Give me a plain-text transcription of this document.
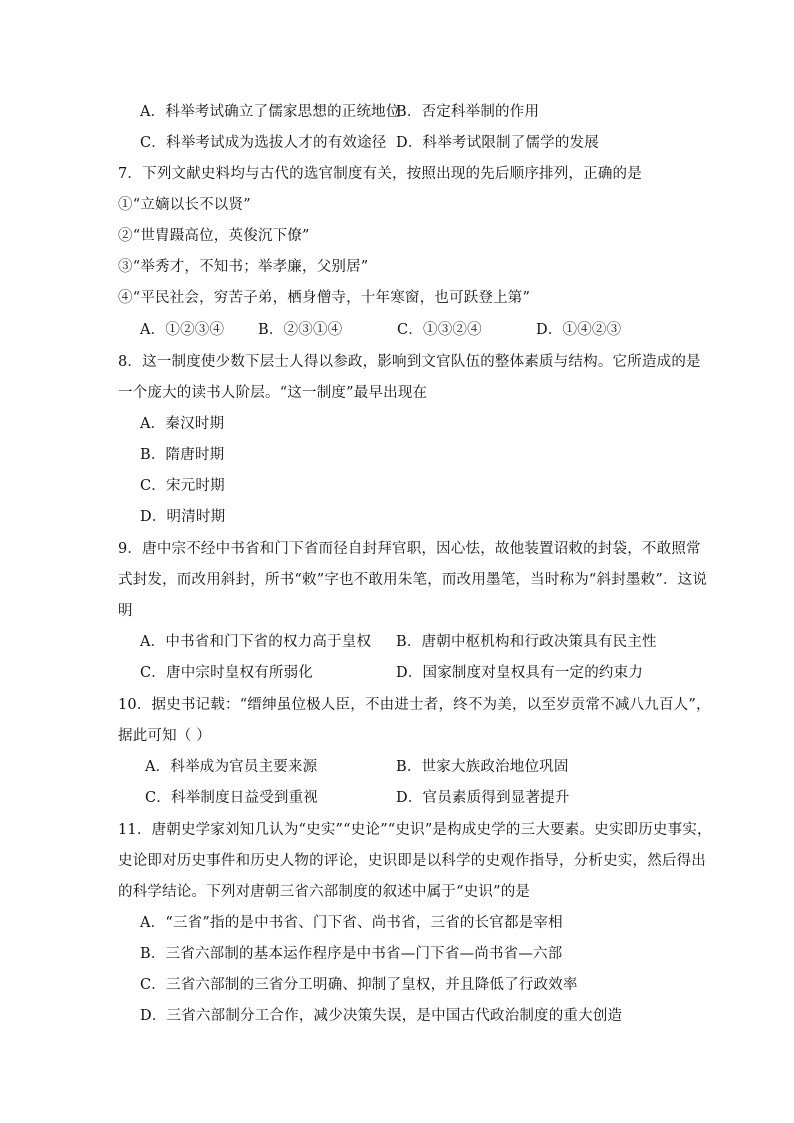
A．科举考试确立了儒家思想的正统地位
B．否定科举制的作用
C．科举考试成为选拔人才的有效途径 D．科举考试限制了儒学的发展
7．下列文献史料均与古代的选官制度有关，按照出现的先后顺序排列，正确的是
①“立嫡以长不以贤”
②“世胄蹑高位，英俊沉下僚”
③“举秀才，不知书；举孝廉，父别居”
④“平民社会，穷苦子弟，栖身僧寺，十年寒窗，也可跃登上第”
A．①②③④ B．②③①④	C．①③②④	D．①④②③
8．这一制度使少数下层士人得以参政，影响到文官队伍的整体素质与结构。它所造成的是
一个庞大的读书人阶层。“这一制度”最早出现在
A．秦汉时期
B．隋唐时期
C．宋元时期
D．明清时期
9．唐中宗不经中书省和门下省而径自封拜官职，因心怯，故他装置诏敕的封袋，不敢照常
式封发，而改用斜封，所书“敕”字也不敢用朱笔，而改用墨笔，当时称为“斜封墨敕”．这说
明
A．中书省和门下省的权力高于皇权 B．唐朝中枢机构和行政决策具有民主性
C．唐中宗时皇权有所弱化	D．国家制度对皇权具有一定的约束力
10．据史书记载：“缙绅虽位极人臣，不由进士者，终不为美，以至岁贡常不减八九百人”，
据此可知（ ）
A．科举成为官员主要来源	B．世家大族政治地位巩固
C．科举制度日益受到重视	D．官员素质得到显著提升
11．唐朝史学家刘知几认为“史实”“史论”“史识”是构成史学的三大要素。史实即历史事实，
史论即对历史事件和历史人物的评论，史识即是以科学的史观作指导，分析史实，然后得出
的科学结论。下列对唐朝三省六部制度的叙述中属于“史识”的是
A．“三省”指的是中书省、门下省、尚书省，三省的长官都是宰相
B．三省六部制的基本运作程序是中书省—门下省—尚书省—六部
C．三省六部制的三省分工明确、抑制了皇权，并且降低了行政效率
D．三省六部制分工合作，减少决策失误，是中国古代政治制度的重大创造
